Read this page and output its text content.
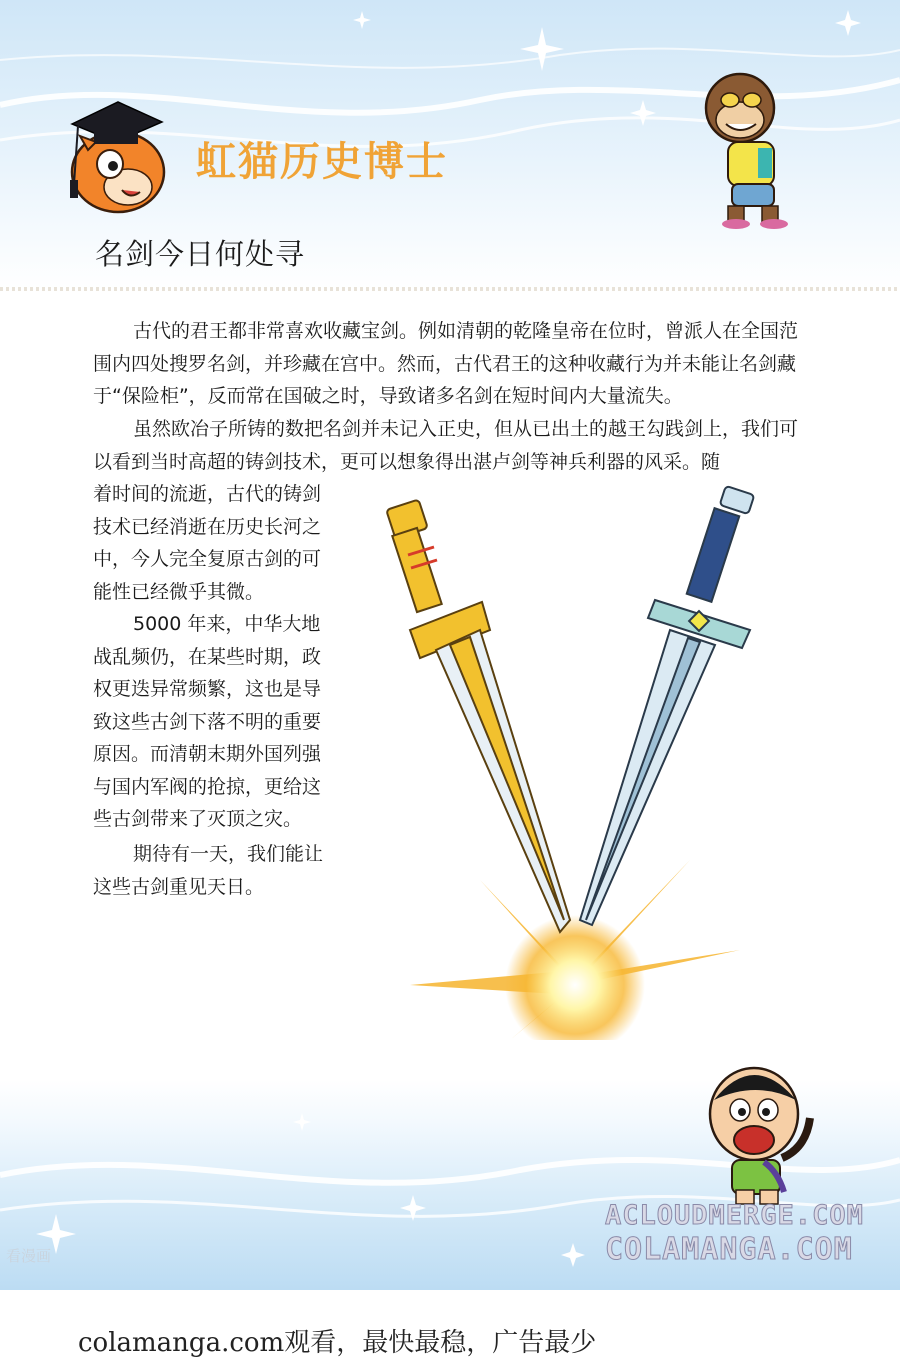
虹猫历史博士
名剑今日何处寻

古代的君王都非常喜欢收藏宝剑。例如清朝的乾隆皇帝在位时，曾派人在全国范围内四处搜罗名剑，并珍藏在宫中。然而，古代君王的这种收藏行为并未能让名剑藏于“保险柜”，反而常在国破之时，导致诸多名剑在短时间内大量流失。

虽然欧冶子所铸的数把名剑并未记入正史，但从已出土的越王勾践剑上，我们可以看到当时高超的铸剑技术，更可以想象得出湛卢剑等神兵利器的风采。随

着时间的流逝，古代的铸剑技术已经消逝在历史长河之中，今人完全复原古剑的可能性已经微乎其微。

5000 年来，中华大地战乱频仍，在某些时期，政权更迭异常频繁，这也是导致这些古剑下落不明的重要原因。而清朝末期外国列强与国内军阀的抢掠，更给这些古剑带来了灭顶之灾。

期待有一天，我们能让这些古剑重见天日。

ACLOUDMERGE.COM
COLAMANGA.COM
看漫画
colamanga.com观看，最快最稳，广告最少
